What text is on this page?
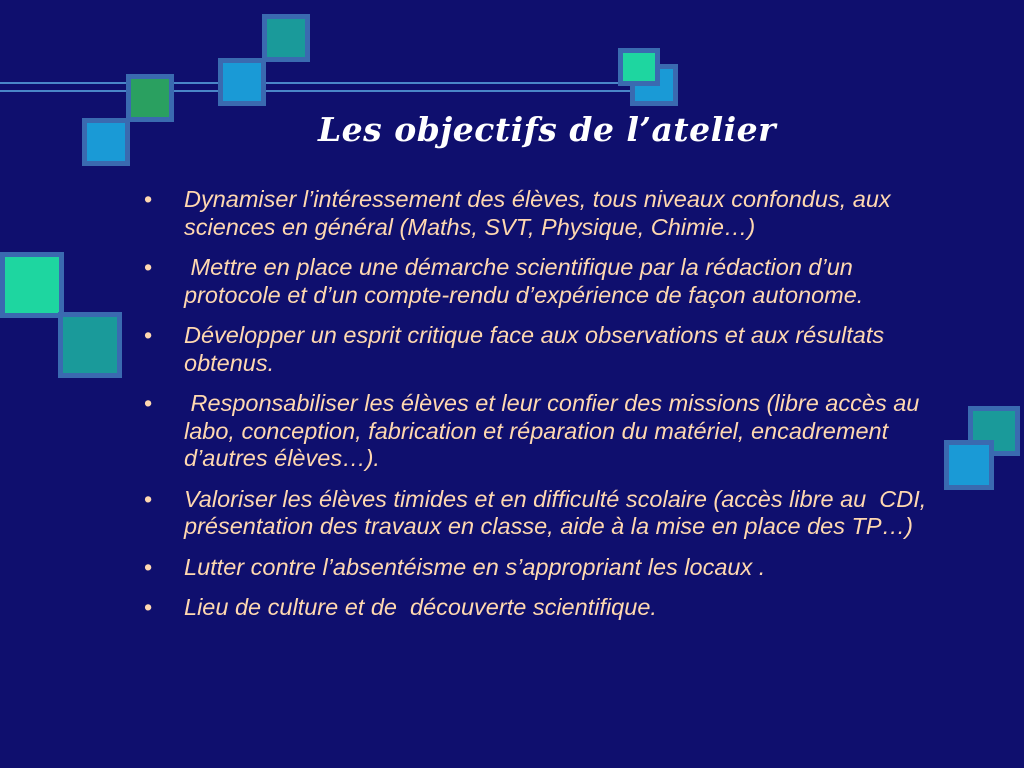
Les objectifs de l’atelier
• Dynamiser l’intéressement des élèves, tous niveaux confondus, aux sciences en général (Maths, SVT, Physique, Chimie…)
• Mettre en place une démarche scientifique par la rédaction d’un protocole et d’un compte-rendu d’expérience de façon autonome.
• Développer un esprit critique face aux observations et aux résultats obtenus.
• Responsabiliser les élèves et leur confier des missions (libre accès au labo, conception, fabrication et réparation du matériel, encadrement d’autres élèves…).
• Valoriser les élèves timides et en difficulté scolaire (accès libre au  CDI, présentation des travaux en classe, aide à la mise en place des TP…)
• Lutter contre l’absentéisme en s’appropriant les locaux .
• Lieu de culture et de  découverte scientifique.
